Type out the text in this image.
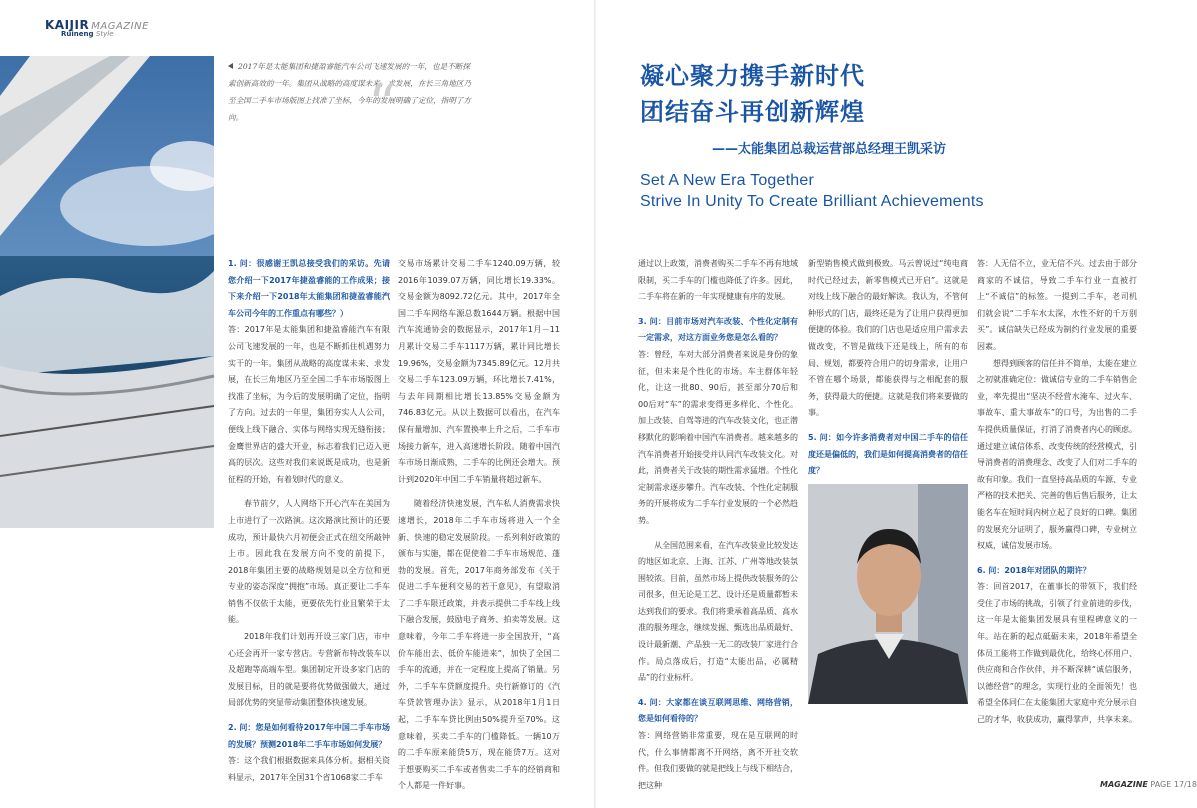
KAIJIR MAGAZINE
Ruineng Style
2017年是太能集团和捷盈睿能汽车公司飞速发展的一年，也是不断探索创新高效的一年。集团从战略的高度谋未来、求发展，在长三角地区乃至全国二手车市场版图上找准了坐标，今年的发展明确了定位，指明了方向。	“

1. 问：很感谢王凯总接受我们的采访。先请您介绍一下2017年捷盈睿能的工作成果；接下来介绍一下2018年太能集团和捷盈睿能汽车公司今年的工作重点有哪些？）

答：2017年是太能集团和捷盈睿能汽车有限公司飞速发展的一年，也是不断抓住机遇努力实干的一年。集团从战略的高度谋未来、求发展，在长三角地区乃至全国二手车市场版图上找准了坐标，为今后的发展明确了定位，指明了方向。过去的一年里，集团夯实人人公司，便线上线下融合、实体与网络实现无缝衔接；金鹰世界店的盛大开业，标志着我们已迈入更高的层次。这些对我们来说既是成功，也是新征程的开始，有着划时代的意义。

春节前夕，人人网络下开心汽车在美国为上市进行了一次路演。这次路演比预计的还要成功，预计最快六月初便会正式在纽交所敲钟上市。因此我在发展方向不变的前提下，2018年集团主要的战略规划是以全方位和更专业的姿态深度“拥抱”市场。真正要让二手车销售不仅依于太能，更要依先行业且繁荣于太能。

2018年我们计划再开设三家门店，市中心还会再开一家专营店。专营新布特改装车以及超跑等高端车型。集团制定开设多家门店的发展目标，目的就是要将优势做强做大，通过局部优势的突显带动集团整体快速发展。

2. 问：您是如何看待2017年中国二手车市场的发展？预测2018年二手车市场如何发展？

答：这个我们根据数据来具体分析。据相关资料显示，2017年全国31个省1068家二手车

交易市场累计交易二手车1240.09万辆，较2016年1039.07万辆，同比增长19.33%。交易金额为8092.72亿元。其中，2017年全国二手车网络车源总数1644万辆。根据中国汽车流通协会的数据显示，2017年1月－11月累计交易二手车1117万辆，累计同比增长19.96%，交易金额为7345.89亿元。12月共交易二手车123.09万辆，环比增长7.41%，与去年同期相比增长13.85%交易金额为746.83亿元。从以上数据可以看出，在汽车保有量增加、汽车置换率上升之后，二手车市场接力新车，进入高速增长阶段。随着中国汽车市场日渐成熟，二手车的比例还会增大。预计到2020年中国二手车销量将超过新车。

随着经济快速发展，汽车私人消费需求快速增长，2018年二手车市场将进入一个全新、快速的稳定发展阶段。一系列利好政策的颁布与实施，都在促使着二手车市场规范、蓬勃的发展。首先，2017年商务部发布《关于促进二手车便利交易的若干意见》，有望取消了二手车限迁政策，并表示提供二手车线上线下融合发展，鼓励电子商务、拍卖等发展。这意味着，今年二手车将进一步全国放开，“高价车能出去、低价车能进来”，加快了全国二手车的流通，并在一定程度上提高了销量。另外，二手车车贷额度提升。央行新修订的《汽车贷款管理办法》显示，从2018年1月1日起，二手车车贷比例由50%提升至70%。这意味着，买卖二手车的门槛降低。一辆10万的二手车原来能贷5万，现在能贷7万。这对于想要购买二手车或者售卖二手车的经销商和个人都是一件好事。

凝心聚力携手新时代
团结奋斗再创新辉煌
——太能集团总裁运营部总经理王凯采访
Set A New Era Together
Strive In Unity To Create Brilliant Achievements

通过以上政策，消费者购买二手车不再有地域限制，买二手车的门槛也降低了许多。因此，二手车将在新的一年实现健康有序的发展。

3. 问：目前市场对汽车改装、个性化定制有一定需求，对这方面业务您是怎么看的？

答：曾经，车对大部分消费者来说是身份的象征，但未来是个性化的市场。车主群体年轻化，让这一批80、90后，甚至部分70后和00后对“车”的需求变得更多样化、个性化。加上改装、自驾等进的汽车改装文化，也正潜移默化的影响着中国汽车消费者。越来越多的汽车消费者开始接受并认同汽车改装文化。对此，消费者关于改装的期性需求猛增。个性化定制需求逐步攀升。汽车改装、个性化定制服务的开展将成为二手车行业发展的一个必然趋势。

从全国范围来看，在汽车改装业比较发达的地区如北京、上海、江苏、广州等地改装氛围较浓。目前，虽然市场上提供改装服务的公司很多，但无论是工艺、设计还是质量都暂未达到我们的要求。我们将秉承着高品质、高水准的服务理念，继续发掘、甄选出品质最好、设计最新潮、产品独一无二的改装厂家进行合作。局点落成后，打造“太能出品，必属精品”的行业标杆。

4. 问：大家都在谈互联网思维、网络营销，您是如何看待的？

答：网络营销非常重要，现在是互联网的时代，什么事情都离不开网络，离不开社交软件。但我们要做的就是把线上与线下相结合，把这种

新型销售模式做到极致。马云曾说过“纯电商时代已经过去，新零售模式已开启”。这就是对线上线下融合的最好解读。我认为，不管何种形式的门店，最终还是为了让用户获得更加便捷的体验。我们的门店也是适应用户需求去做改变，不管是做线下还是线上，所有的布局、规划，都要符合用户的切身需求，让用户不管在哪个场景，都能获得与之相配套的服务，获得最大的便捷。这就是我们将来要做的事。

5. 问：如今许多消费者对中国二手车的信任度还是偏低的，我们是如何提高消费者的信任度？

答：人无信不立，业无信不兴。过去由于部分商家的不诚信，导致二手车行业一直被打上“不诚信”的标签。一提到二手车，老司机们就会说“二手车水太深，水性不好的千万别买”。诚信缺失已经成为制约行业发展的重要因素。

想得到顾客的信任并不简单，太能在建立之初就准确定位：做诚信专业的二手车销售企业，率先提出“坚决不经营水淹车、过火车、事故车、重大事故车”的口号，为出售的二手车提供质量保证，打消了消费者内心的顾虑。通过建立诚信体系、改变传统的经营模式，引导消费者的消费理念、改变了人们对二手车的故有印象。我们一直坚持高品质的车源、专业严格的技术把关、完善的售后售后服务，让太能名车在短时间内树立起了良好的口碑。集团的发展充分证明了，服务赢得口碑，专业树立权威，诚信发展市场。

6. 问：2018年对团队的期许？

答：回首2017，在董事长的带领下，我们经受住了市场的挑战，引领了行业前进的步伐，这一年是太能集团发展具有里程碑意义的一年。站在新的起点砥砺未来，2018年希望全体员工能将工作做到最优化，给终心怀用户、供应商和合作伙伴，并不断深耕“诚信服务，以德经营”的理念，实现行业的全面领先！也希望全体同仁在太能集团大家庭中充分展示自己的才华，收获成功，赢得掌声，共享未来。

MAGAZINE PAGE 17/18
